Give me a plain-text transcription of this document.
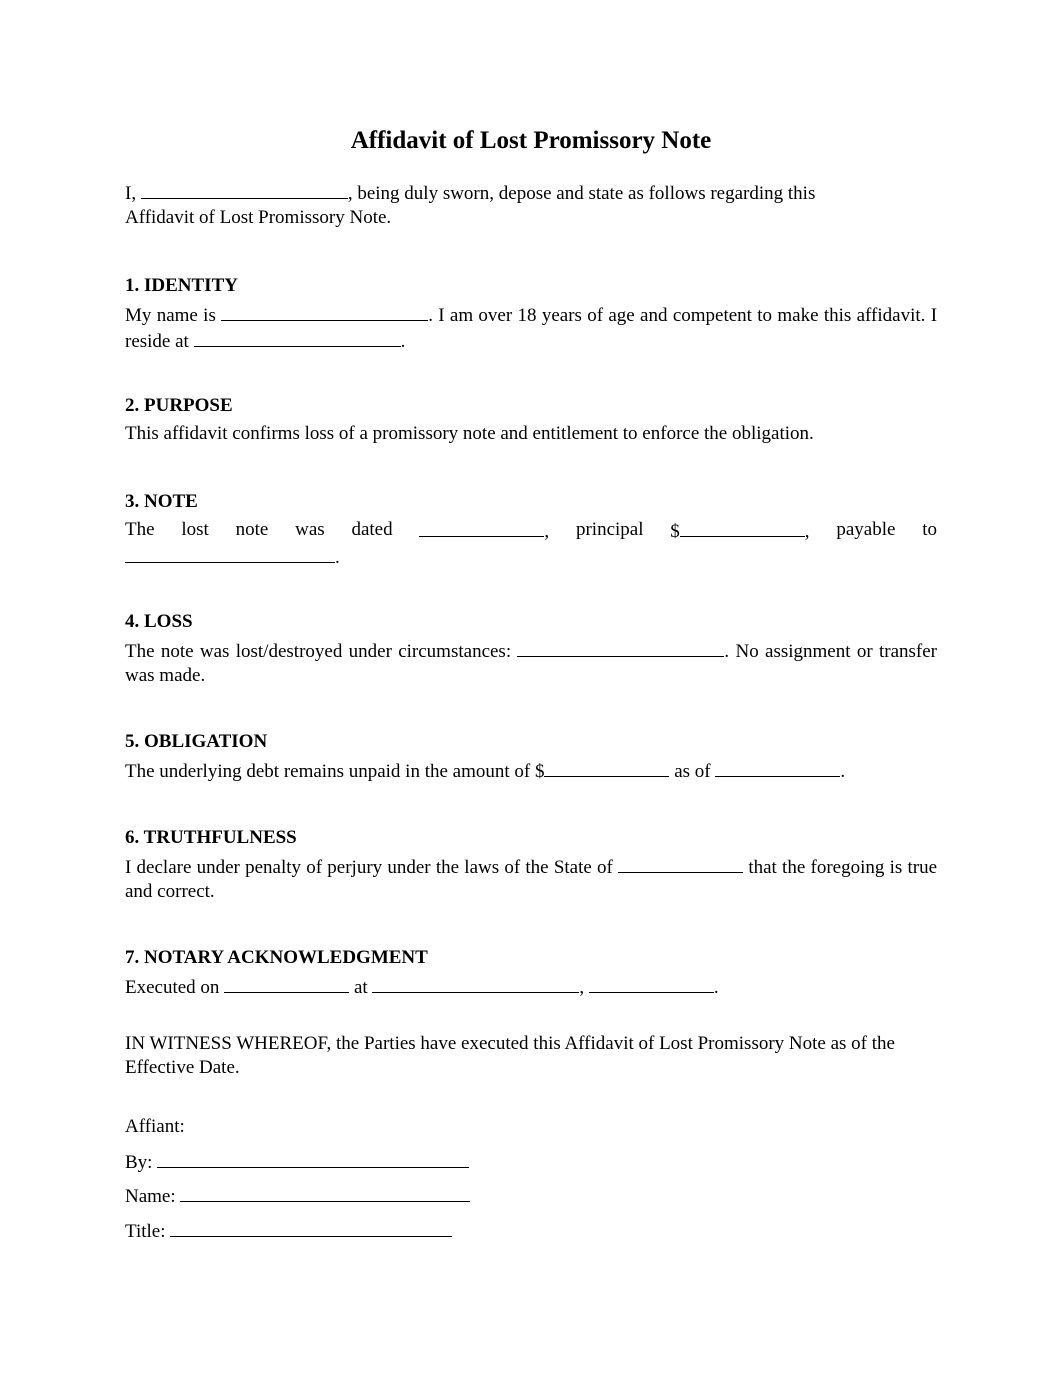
Affidavit of Lost Promissory Note

I,	, being duly sworn, depose and state as follows regarding this

Affidavit of Lost Promissory Note.

1. IDENTITY

My name is	. I am over 18 years of age and competent to make this affidavit. I reside at	.

2. PURPOSE

This affidavit confirms loss of a promissory note and entitlement to enforce the obligation.

3. NOTE

The lost note was dated	, principal $	, payable to

.

4. LOSS

The note was lost/destroyed under circumstances:	. No assignment or transfer was made.

5. OBLIGATION

The underlying debt remains unpaid in the amount of $	as of	.

6. TRUTHFULNESS

I declare under penalty of perjury under the laws of the State of	that the foregoing is true and correct.

7. NOTARY ACKNOWLEDGMENT

Executed on	at	,	.

IN WITNESS WHEREOF, the Parties have executed this Affidavit of Lost Promissory Note as of the Effective Date.

Affiant:
By:
Name:
Title:
